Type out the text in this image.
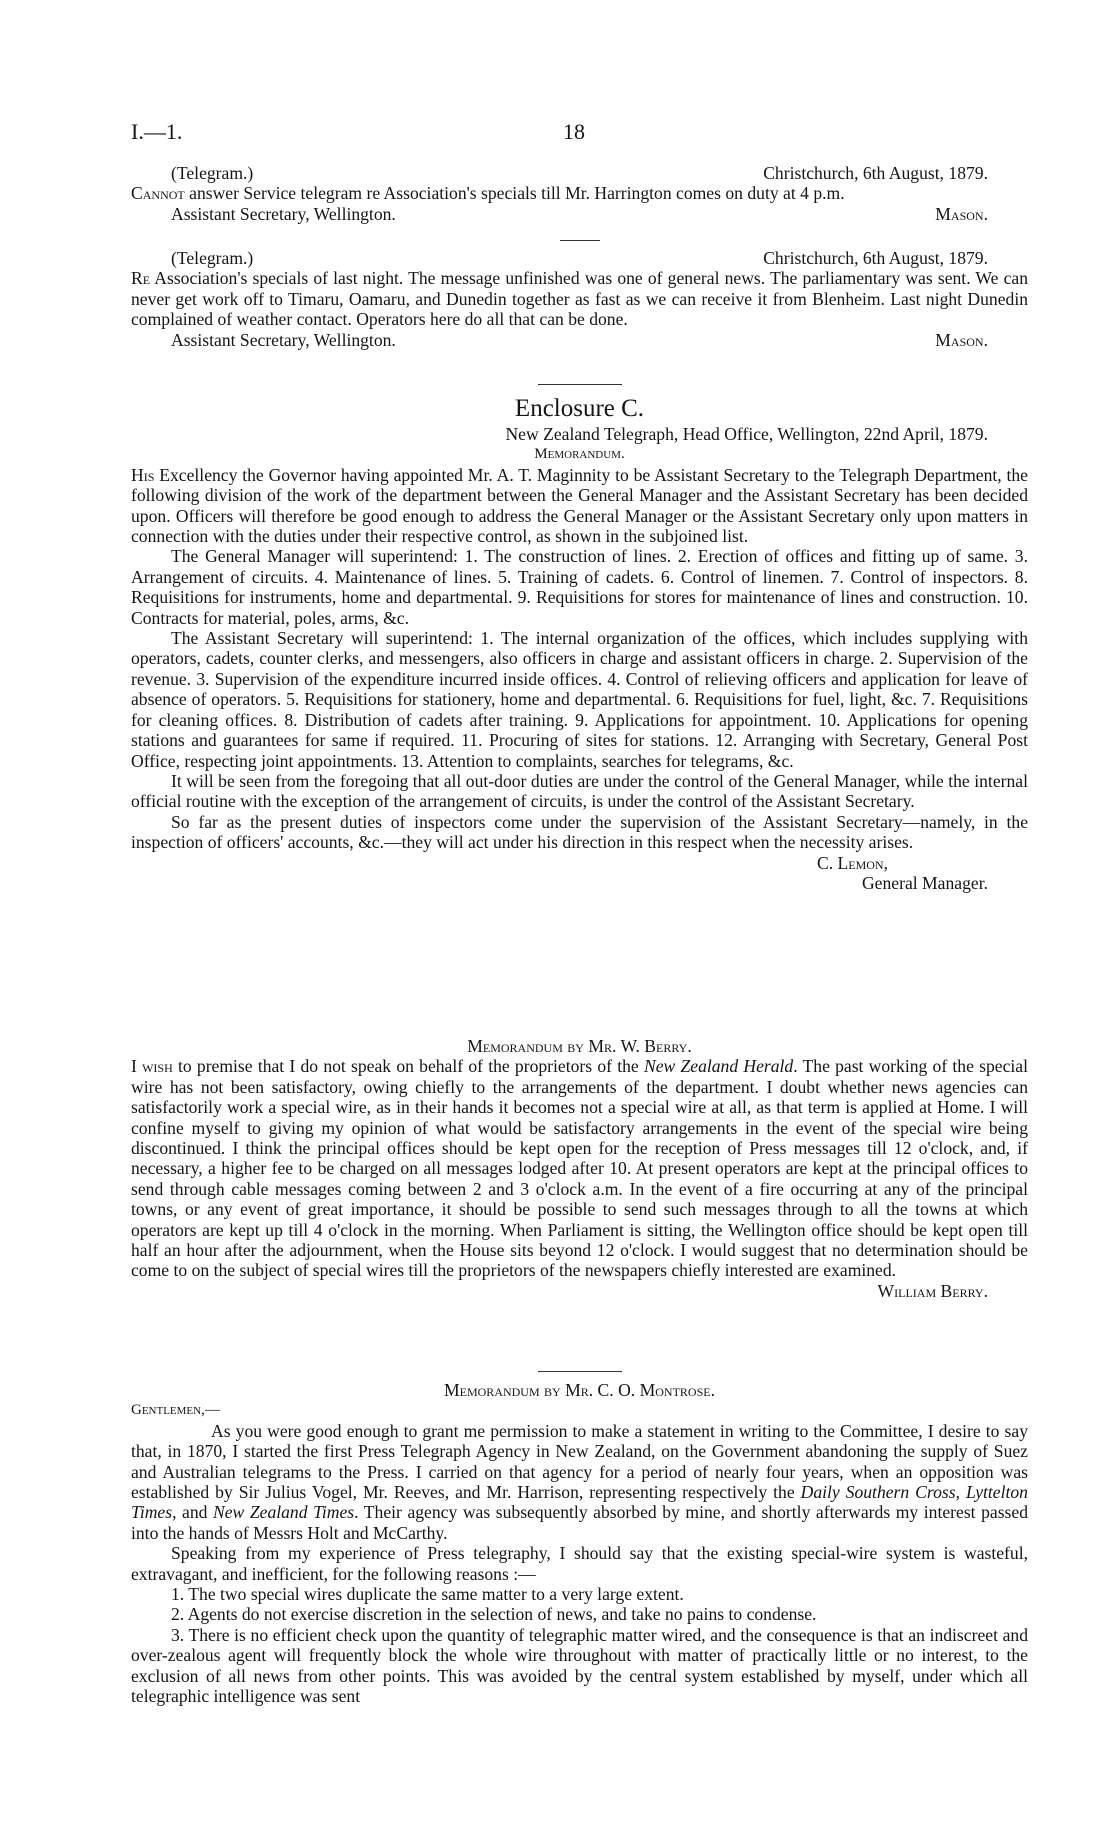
I.—1.	18
(Telegram.)	Christchurch, 6th August, 1879.

Cannot answer Service telegram re Association's specials till Mr. Harrington comes on duty at 4 p.m.

Assistant Secretary, Wellington.	Mason.
(Telegram.)	Christchurch, 6th August, 1879.

Re Association's specials of last night. The message unfinished was one of general news. The parliamentary was sent. We can never get work off to Timaru, Oamaru, and Dunedin together as fast as we can receive it from Blenheim. Last night Dunedin complained of weather contact. Operators here do all that can be done.

Assistant Secretary, Wellington.	Mason.
Enclosure C.
New Zealand Telegraph, Head Office, Wellington, 22nd April, 1879.
Memorandum.

His Excellency the Governor having appointed Mr. A. T. Maginnity to be Assistant Secretary to the Telegraph Department, the following division of the work of the department between the General Manager and the Assistant Secretary has been decided upon. Officers will therefore be good enough to address the General Manager or the Assistant Secretary only upon matters in connection with the duties under their respective control, as shown in the subjoined list.

The General Manager will superintend: 1. The construction of lines. 2. Erection of offices and fitting up of same. 3. Arrangement of circuits. 4. Maintenance of lines. 5. Training of cadets. 6. Control of linemen. 7. Control of inspectors. 8. Requisitions for instruments, home and departmental. 9. Requisitions for stores for maintenance of lines and construction. 10. Contracts for material, poles, arms, &c.

The Assistant Secretary will superintend: 1. The internal organization of the offices, which includes supplying with operators, cadets, counter clerks, and messengers, also officers in charge and assistant officers in charge. 2. Supervision of the revenue. 3. Supervision of the expenditure incurred inside offices. 4. Control of relieving officers and application for leave of absence of operators. 5. Requisitions for stationery, home and departmental. 6. Requisitions for fuel, light, &c. 7. Requisitions for cleaning offices. 8. Distribution of cadets after training. 9. Applications for appointment. 10. Applications for opening stations and guarantees for same if required. 11. Procuring of sites for stations. 12. Arranging with Secretary, General Post Office, respecting joint appointments. 13. Attention to complaints, searches for telegrams, &c.

It will be seen from the foregoing that all out-door duties are under the control of the General Manager, while the internal official routine with the exception of the arrangement of circuits, is under the control of the Assistant Secretary.

So far as the present duties of inspectors come under the supervision of the Assistant Secretary—namely, in the inspection of officers' accounts, &c.—they will act under his direction in this respect when the necessity arises.

C. Lemon,
General Manager.
Memorandum by Mr. W. Berry.

I wish to premise that I do not speak on behalf of the proprietors of the New Zealand Herald. The past working of the special wire has not been satisfactory, owing chiefly to the arrangements of the department. I doubt whether news agencies can satisfactorily work a special wire, as in their hands it becomes not a special wire at all, as that term is applied at Home. I will confine myself to giving my opinion of what would be satisfactory arrangements in the event of the special wire being discontinued. I think the principal offices should be kept open for the reception of Press messages till 12 o'clock, and, if necessary, a higher fee to be charged on all messages lodged after 10. At present operators are kept at the principal offices to send through cable messages coming between 2 and 3 o'clock a.m. In the event of a fire occurring at any of the principal towns, or any event of great importance, it should be possible to send such messages through to all the towns at which operators are kept up till 4 o'clock in the morning. When Parliament is sitting, the Wellington office should be kept open till half an hour after the adjournment, when the House sits beyond 12 o'clock. I would suggest that no determination should be come to on the subject of special wires till the proprietors of the newspapers chiefly interested are examined.

William Berry.
Memorandum by Mr. C. O. Montrose.
Gentlemen,—

As you were good enough to grant me permission to make a statement in writing to the Committee, I desire to say that, in 1870, I started the first Press Telegraph Agency in New Zealand, on the Government abandoning the supply of Suez and Australian telegrams to the Press. I carried on that agency for a period of nearly four years, when an opposition was established by Sir Julius Vogel, Mr. Reeves, and Mr. Harrison, representing respectively the Daily Southern Cross, Lyttelton Times, and New Zealand Times. Their agency was subsequently absorbed by mine, and shortly afterwards my interest passed into the hands of Messrs Holt and McCarthy.

Speaking from my experience of Press telegraphy, I should say that the existing special-wire system is wasteful, extravagant, and inefficient, for the following reasons :—

1. The two special wires duplicate the same matter to a very large extent.

2. Agents do not exercise discretion in the selection of news, and take no pains to condense.

3. There is no efficient check upon the quantity of telegraphic matter wired, and the consequence is that an indiscreet and over-zealous agent will frequently block the whole wire throughout with matter of practically little or no interest, to the exclusion of all news from other points. This was avoided by the central system established by myself, under which all telegraphic intelligence was sent
